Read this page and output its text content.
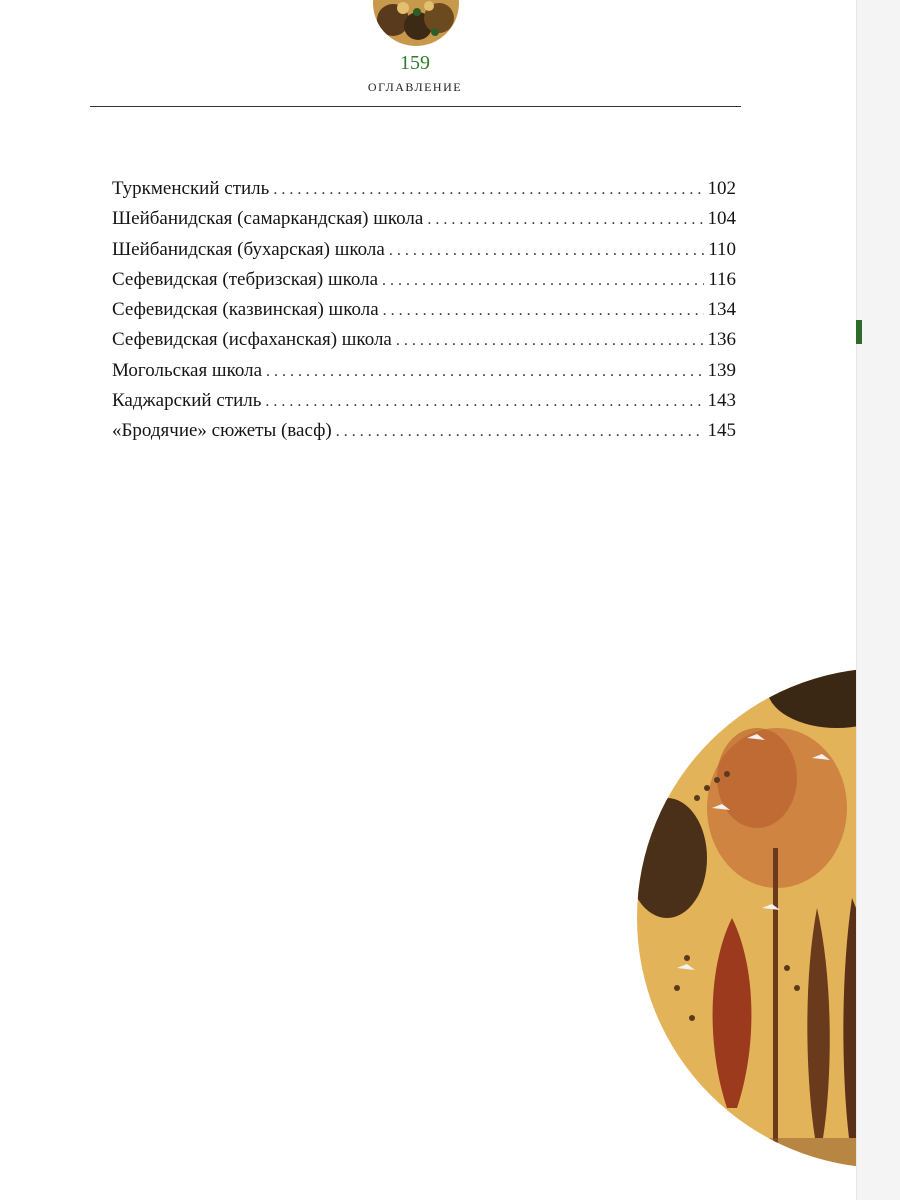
159
ОГЛАВЛЕНИЕ
Туркменский стиль . . .	102
Шейбанидская (самаркандская) школа . . .	104
Шейбанидская (бухарская) школа . . .	110
Сефевидская (тебризская) школа . . .	116
Сефевидская (казвинская) школа . . .	134
Сефевидская (исфаханская) школа . . .	136
Могольская школа . . .	139
Каджарский стиль . . .	143
«Бродячие» сюжеты (васф) . . .	145
